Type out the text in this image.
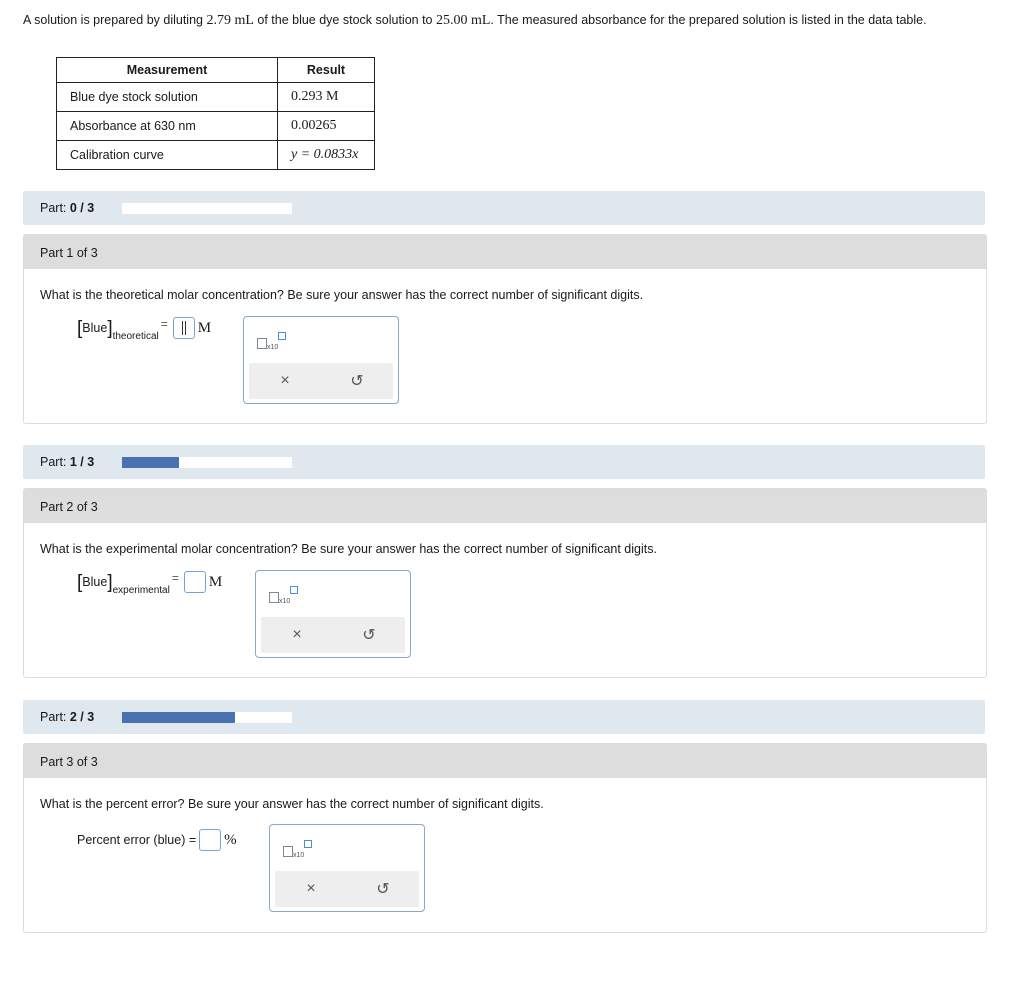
A solution is prepared by diluting 2.79 mL of the blue dye stock solution to 25.00 mL. The measured absorbance for the prepared solution is listed in the data table.
Measurement	Result
Blue dye stock solution	0.293 M
Absorbance at 630 nm	0.00265
Calibration curve	y = 0.0833x
Part: 0 / 3
Part 1 of 3
What is the theoretical molar concentration? Be sure your answer has the correct number of significant digits.
[ Blue ] theoretical
= M
x10
×	↺
Part: 1 / 3
Part 2 of 3
What is the experimental molar concentration? Be sure your answer has the correct number of significant digits.
[ Blue ] experimental
= M
x10
×	↺
Part: 2 / 3
Part 3 of 3
What is the percent error? Be sure your answer has the correct number of significant digits.
Percent error (blue) = %
x10
×	↺
